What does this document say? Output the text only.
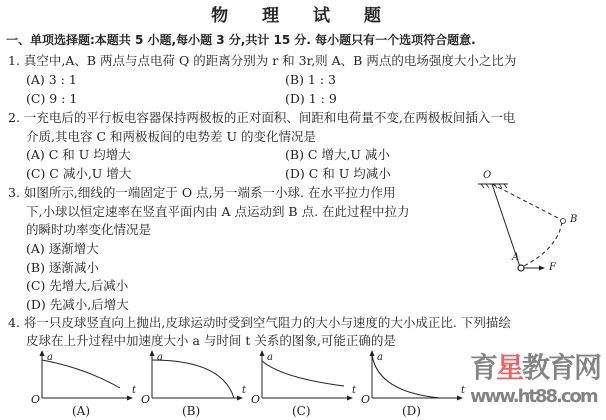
物 理 试 题
一、单项选择题:本题共 5 小题,每小题 3 分,共计 15 分. 每小题只有一个选项符合题意.
1. 真空中,A、B 两点与点电荷 Q 的距离分别为 r 和 3r,则 A、B 两点的电场强度大小之比为
(A) 3 : 1	(B) 1 : 3
(C) 9 : 1	(D) 1 : 9
2. 一充电后的平行板电容器保持两极板的正对面积、间距和电荷量不变,在两极板间插入一电
介质,其电容 C 和两极板间的电势差 U 的变化情况是
(A) C 和 U 均增大	(B) C 增大,U 减小
(C) C 减小,U 增大	(D) C 和 U 均减小
3. 如图所示,细线的一端固定于 O 点,另一端系一小球. 在水平拉力作用
下,小球以恒定速率在竖直平面内由 A 点运动到 B 点. 在此过程中拉力
的瞬时功率变化情况是
(A) 逐渐增大
(B) 逐渐减小
(C) 先增大,后减小
(D) 先减小,后增大
4. 将一只皮球竖直向上抛出,皮球运动时受到空气阻力的大小与速度的大小成正比. 下列描绘
皮球在上升过程中加速度大小 a 与时间 t 关系的图象,可能正确的是
O
B
A
F
a
t
O
(A)
a
t
O
(B)
a
t
O
(C)
a
t
O
(D)
育星教育网
www.ht88.com
